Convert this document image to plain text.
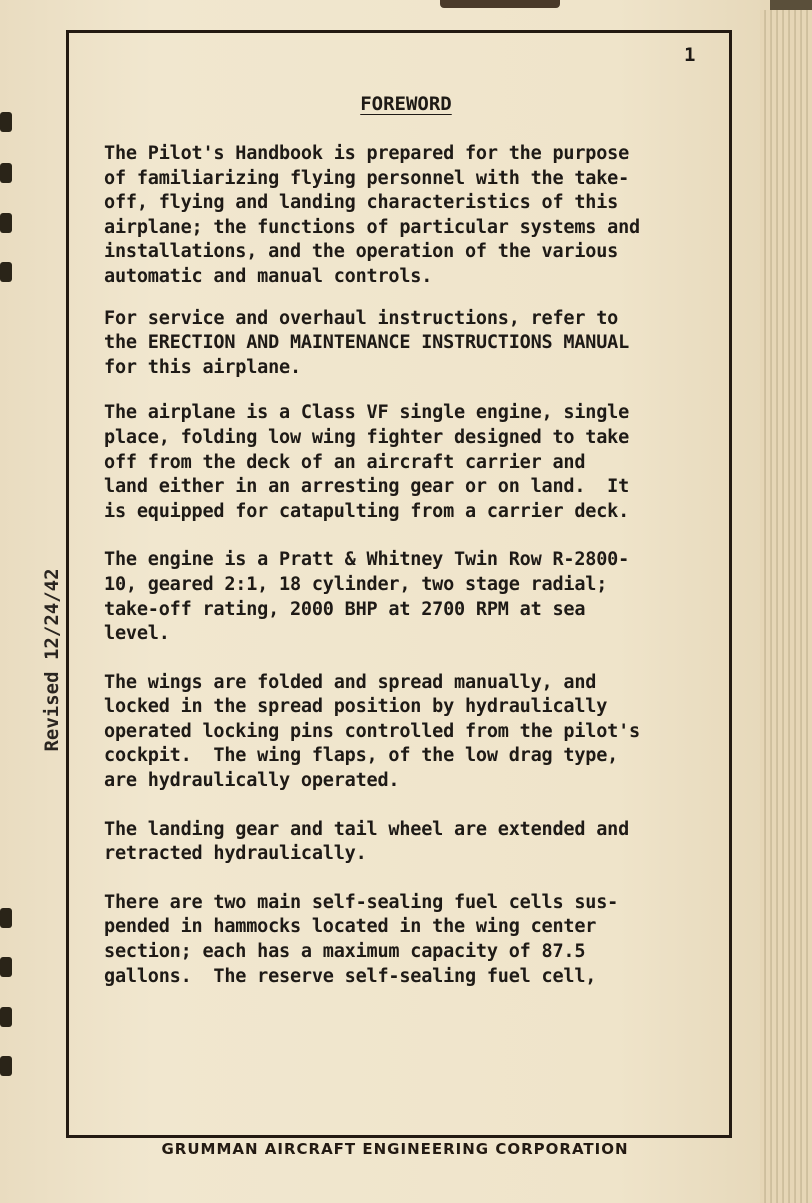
1
FOREWORD

The Pilot's Handbook is prepared for the purpose
of familiarizing flying personnel with the take-
off, flying and landing characteristics of this
airplane; the functions of particular systems and
installations, and the operation of the various
automatic and manual controls.

For service and overhaul instructions, refer to
the ERECTION AND MAINTENANCE INSTRUCTIONS MANUAL
for this airplane.

The airplane is a Class VF single engine, single
place, folding low wing fighter designed to take
off from the deck of an aircraft carrier and
land either in an arresting gear or on land.  It
is equipped for catapulting from a carrier deck.

The engine is a Pratt & Whitney Twin Row R-2800-
10, geared 2:1, 18 cylinder, two stage radial;
take-off rating, 2000 BHP at 2700 RPM at sea
level.

The wings are folded and spread manually, and
locked in the spread position by hydraulically
operated locking pins controlled from the pilot's
cockpit.  The wing flaps, of the low drag type,
are hydraulically operated.

The landing gear and tail wheel are extended and
retracted hydraulically.

There are two main self-sealing fuel cells sus-
pended in hammocks located in the wing center
section; each has a maximum capacity of 87.5
gallons.  The reserve self-sealing fuel cell,

Revised 12/24/42
GRUMMAN AIRCRAFT ENGINEERING CORPORATION
